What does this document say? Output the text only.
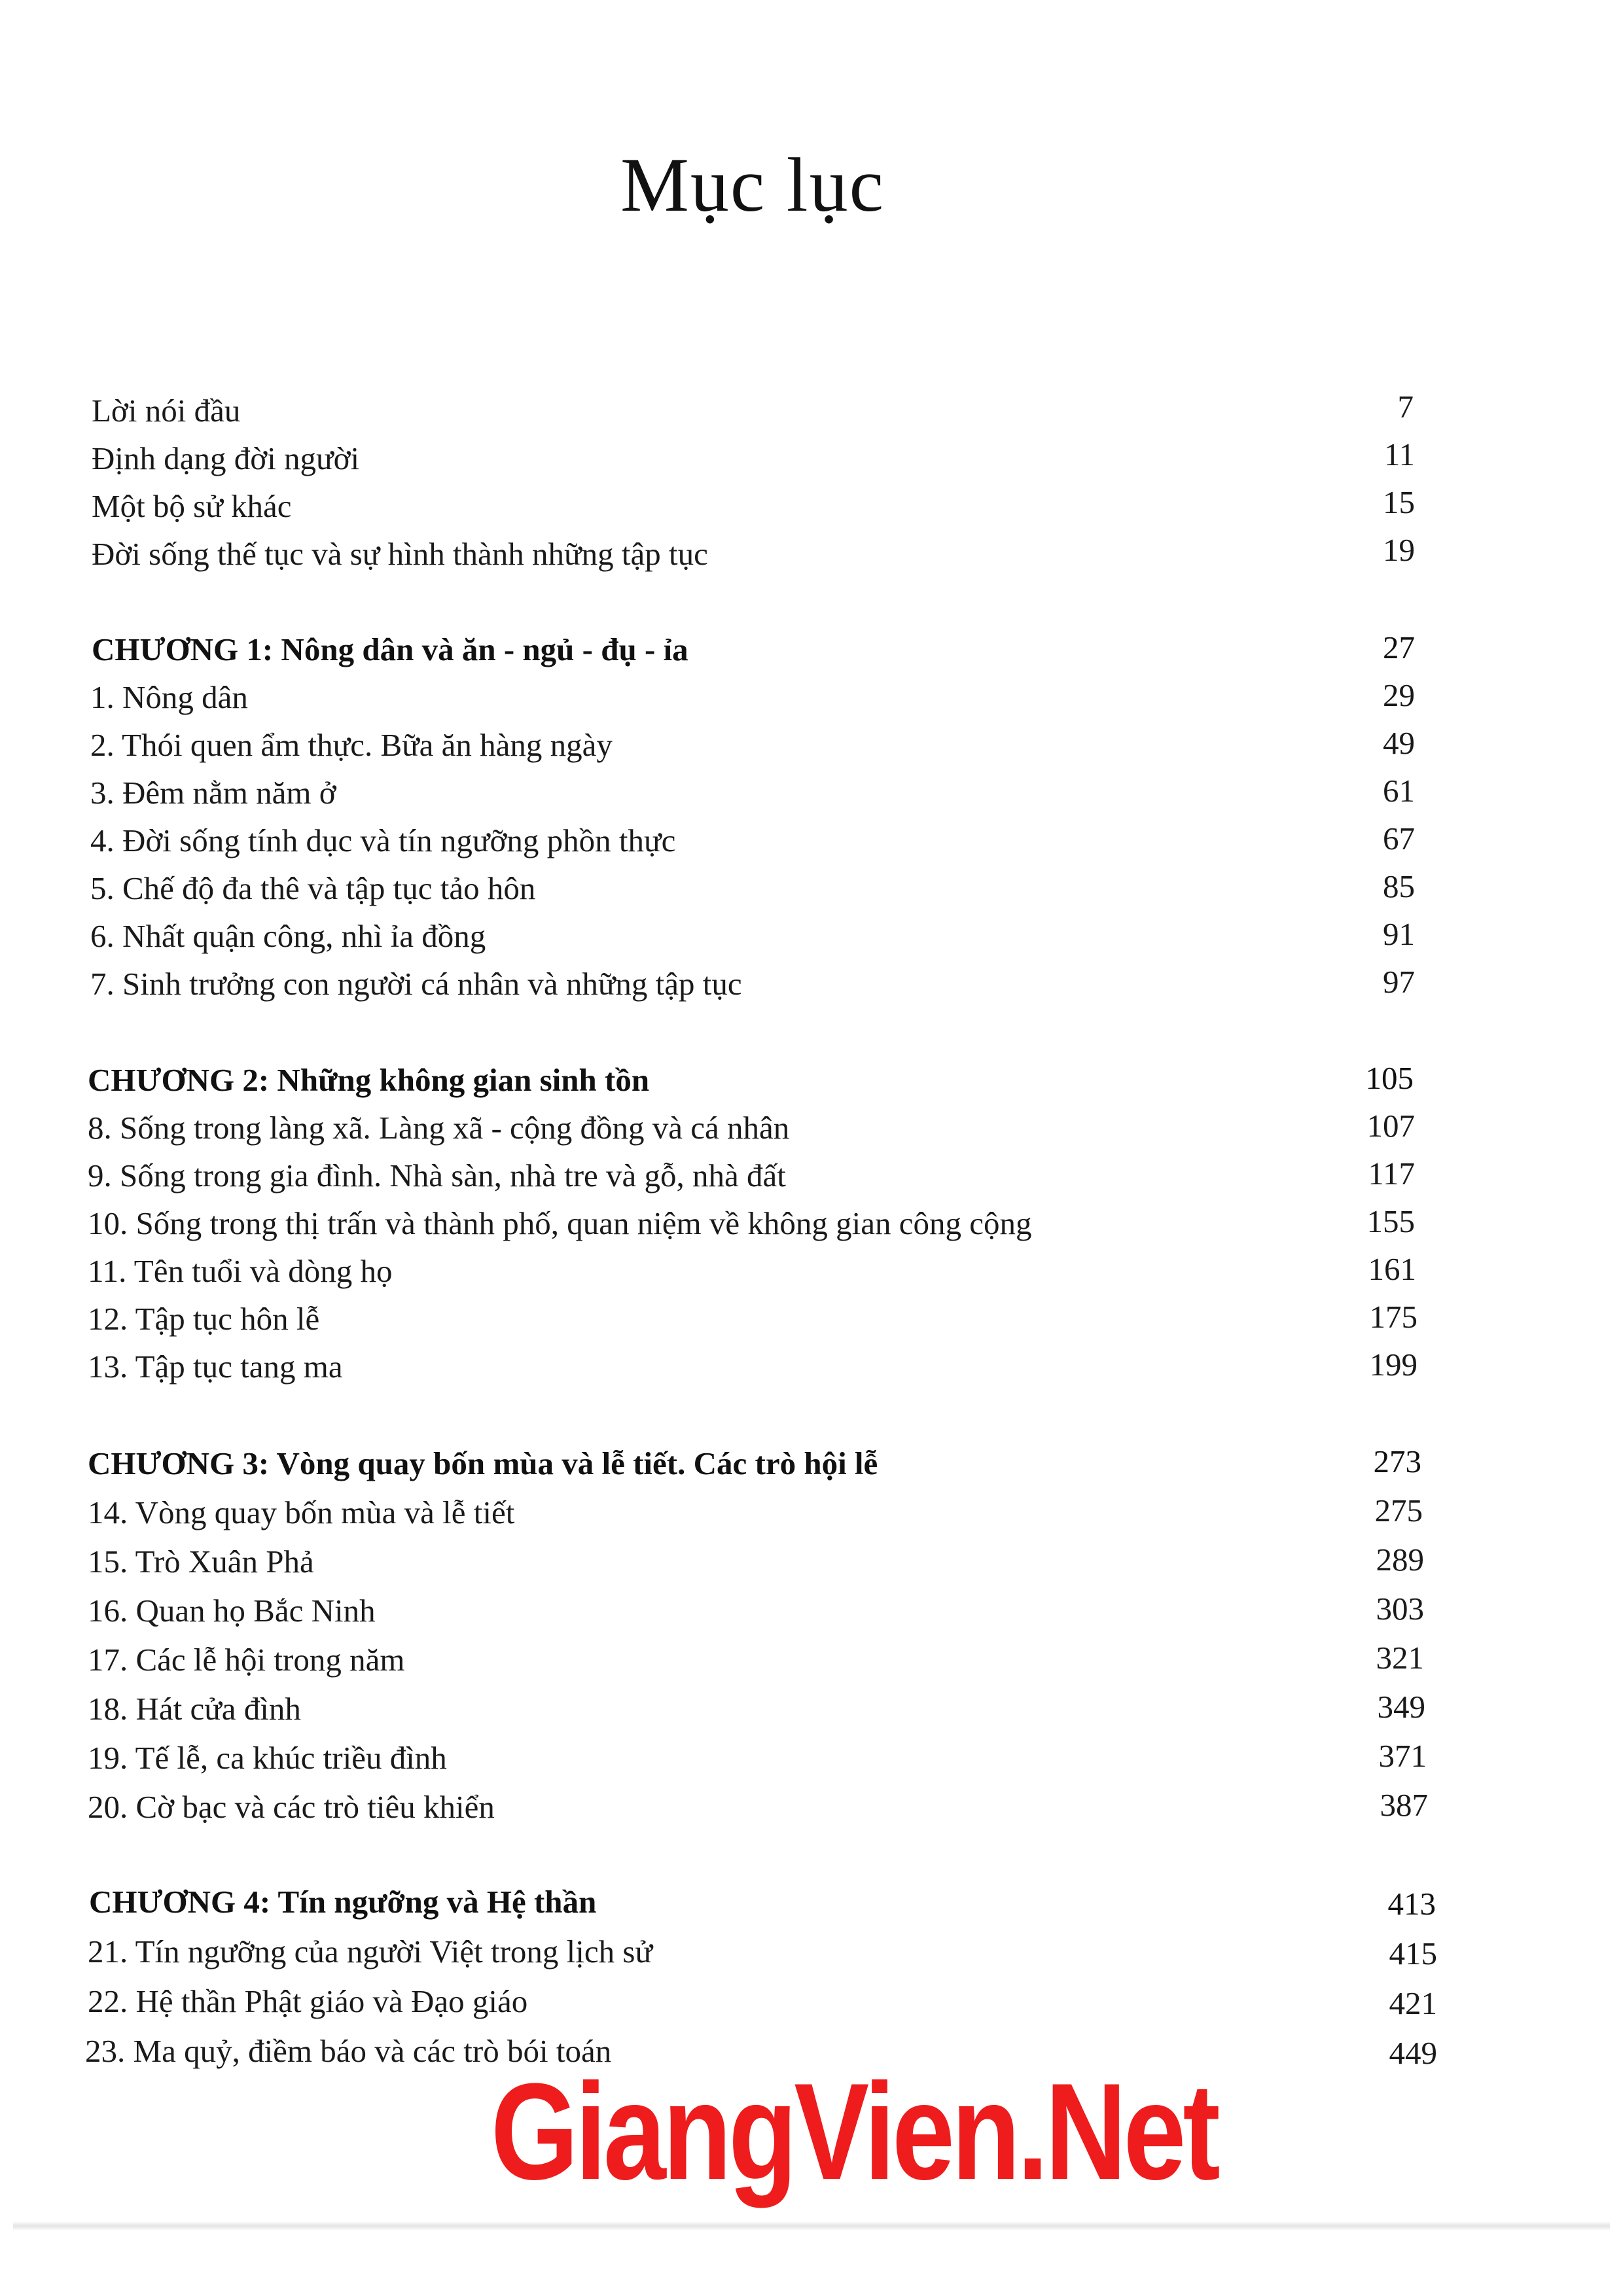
Mục lục
Lời nói đầu	7
Định dạng đời người	11
Một bộ sử khác	15
Đời sống thế tục và sự hình thành những tập tục	19
CHƯƠNG 1: Nông dân và ăn - ngủ - đụ - ỉa	27
1. Nông dân	29
2. Thói quen ẩm thực. Bữa ăn hàng ngày	49
3. Đêm nằm năm ở	61
4. Đời sống tính dục và tín ngưỡng phồn thực	67
5. Chế độ đa thê và tập tục tảo hôn	85
6. Nhất quận công, nhì ỉa đồng	91
7. Sinh trưởng con người cá nhân và những tập tục	97
CHƯƠNG 2: Những không gian sinh tồn	105
8. Sống trong làng xã. Làng xã - cộng đồng và cá nhân	107
9. Sống trong gia đình. Nhà sàn, nhà tre và gỗ, nhà đất	117
10. Sống trong thị trấn và thành phố, quan niệm về không gian công cộng	155
11. Tên tuổi và dòng họ	161
12. Tập tục hôn lễ	175
13. Tập tục tang ma	199
CHƯƠNG 3: Vòng quay bốn mùa và lễ tiết. Các trò hội lễ	273
14. Vòng quay bốn mùa và lễ tiết	275
15. Trò Xuân Phả	289
16. Quan họ Bắc Ninh	303
17. Các lễ hội trong năm	321
18. Hát cửa đình	349
19. Tế lễ, ca khúc triều đình	371
20. Cờ bạc và các trò tiêu khiển	387
CHƯƠNG 4: Tín ngưỡng và Hệ thần	413
21. Tín ngưỡng của người Việt trong lịch sử	415
22. Hệ thần Phật giáo và Đạo giáo	421
23. Ma quỷ, điềm báo và các trò bói toán	449
GiangVien.Net
